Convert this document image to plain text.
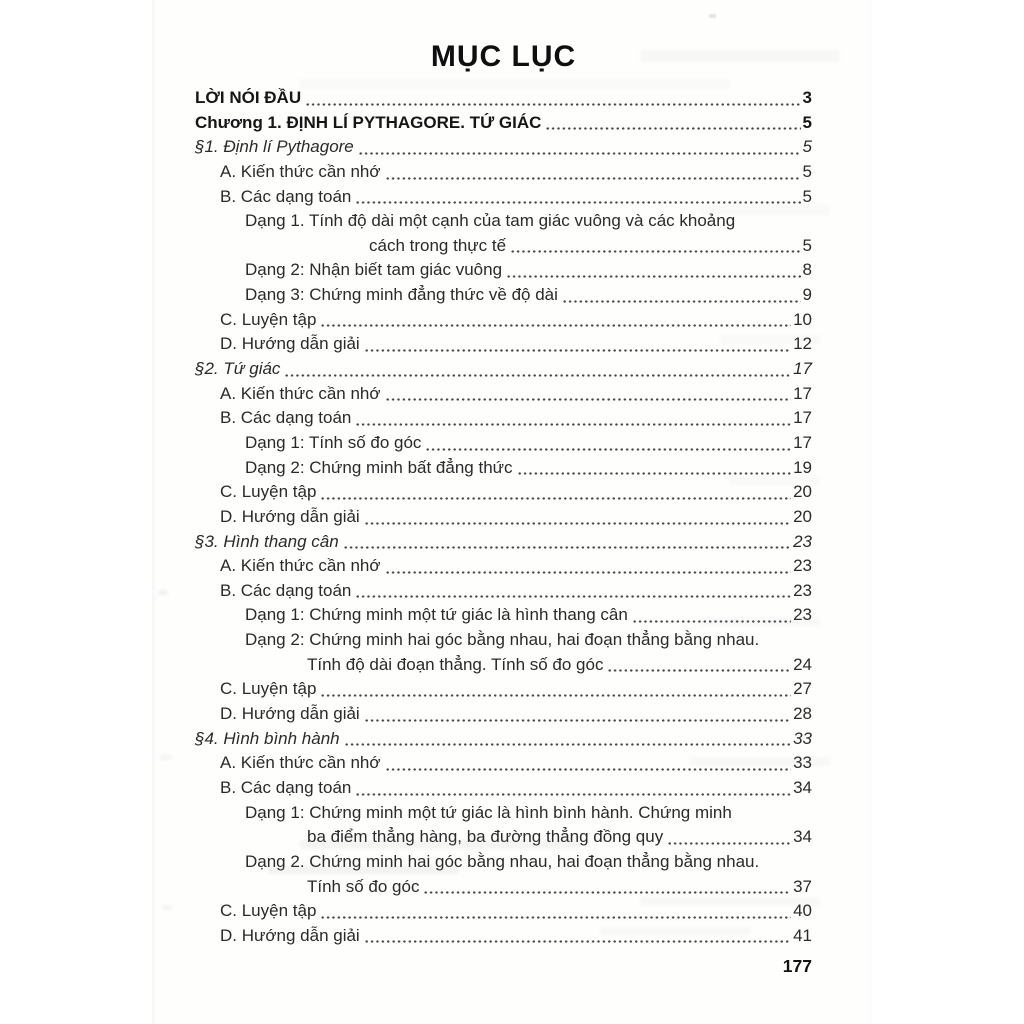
MỤC LỤC
LỜI NÓI ĐẦU	3
Chương 1. ĐỊNH LÍ PYTHAGORE. TỨ GIÁC	5
§1. Định lí Pythagore	5
A. Kiến thức cần nhớ	5
B. Các dạng toán	5
Dạng 1. Tính độ dài một cạnh của tam giác vuông và các khoảng
cách trong thực tế	5
Dạng 2: Nhận biết tam giác vuông	8
Dạng 3: Chứng minh đẳng thức về độ dài	9
C. Luyện tập	10
D. Hướng dẫn giải	12
§2. Tứ giác	17
A. Kiến thức cần nhớ	17
B. Các dạng toán	17
Dạng 1: Tính số đo góc	17
Dạng 2: Chứng minh bất đẳng thức	19
C. Luyện tập	20
D. Hướng dẫn giải	20
§3. Hình thang cân	23
A. Kiến thức cần nhớ	23
B. Các dạng toán	23
Dạng 1: Chứng minh một tứ giác là hình thang cân	23
Dạng 2: Chứng minh hai góc bằng nhau, hai đoạn thẳng bằng nhau.
Tính độ dài đoạn thẳng. Tính số đo góc	24
C. Luyện tập	27
D. Hướng dẫn giải	28
§4. Hình bình hành	33
A. Kiến thức cần nhớ	33
B. Các dạng toán	34
Dạng 1: Chứng minh một tứ giác là hình bình hành. Chứng minh
ba điểm thẳng hàng, ba đường thẳng đồng quy	34
Dạng 2. Chứng minh hai góc bằng nhau, hai đoạn thẳng bằng nhau.
Tính số đo góc	37
C. Luyện tập	40
D. Hướng dẫn giải	41
177
